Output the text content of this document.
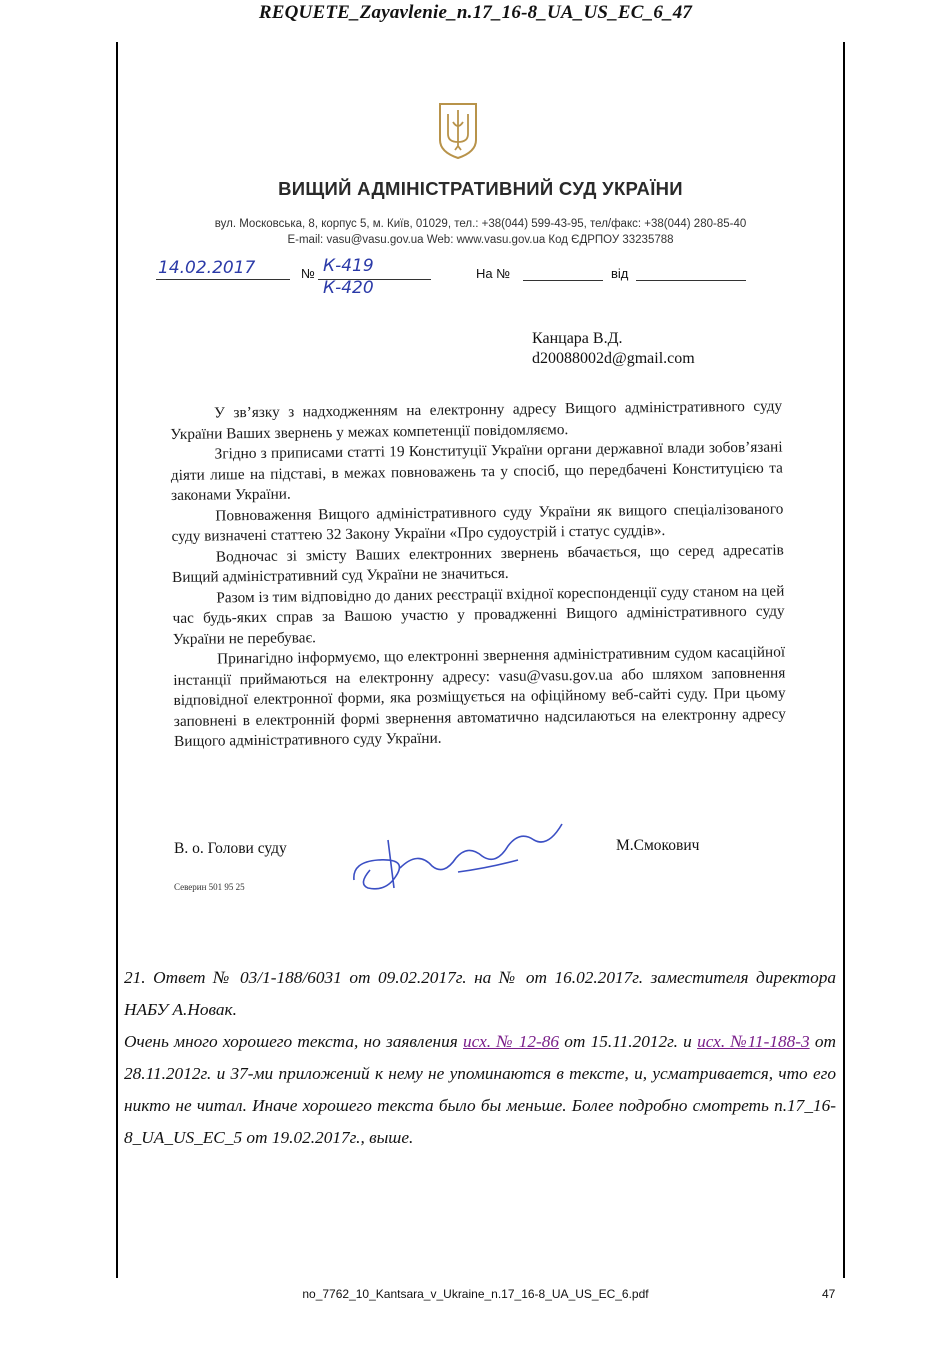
REQUETE_Zayavlenie_n.17_16-8_UA_US_EC_6_47
ВИЩИЙ АДМІНІСТРАТИВНИЙ СУД УКРАЇНИ
вул. Московська, 8, корпус 5, м. Київ, 01029, тел.: +38(044) 599-43-95, тел/факс: +38(044) 280-85-40
E-mail: vasu@vasu.gov.ua Web: www.vasu.gov.ua Код ЄДРПОУ 33235788
14.02.2017	№ К-419
К-420
На №	від
Канцара В.Д.
d20088002d@gmail.com

У зв’язку з надходженням на електронну адресу Вищого адміністративного суду України Ваших звернень у межах компетенції повідомляємо.

Згідно з приписами статті 19 Конституції України органи державної влади зобов’язані діяти лише на підставі, в межах повноважень та у спосіб, що передбачені Конституцією та законами України.

Повноваження Вищого адміністративного суду України як вищого спеціалізованого суду визначені статтею 32 Закону України «Про судоустрій і статус суддів».

Водночас зі змісту Ваших електронних звернень вбачається, що серед адресатів Вищий адміністративний суд України не значиться.

Разом із тим відповідно до даних реєстрації вхідної кореспонденції суду станом на цей час будь-яких справ за Вашою участю у провадженні Вищого адміністративного суду України не перебуває.

Принагідно інформуємо, що електронні звернення адміністративним судом касаційної інстанції приймаються на електронну адресу: vasu@vasu.gov.ua або шляхом заповнення відповідної електронної форми, яка розміщується на офіційному веб-сайті суду. При цьому заповнені в електронній формі звернення автоматично надсилаються на електронну адресу Вищого адміністративного суду України.

В. о. Голови суду	М.Смокович
Северин 501 95 25

21. Ответ № 03/1-188/6031 от 09.02.2017г. на № от 16.02.2017г. заместителя директора НАБУ А.Новак.

Очень много хорошего текста, но заявления исх. № 12-86 от 15.11.2012г. и исх. №11-188-3 от 28.11.2012г. и 37-ми приложений к нему не упоминаются в тексте, и, усматривается, что его никто не читал. Иначе хорошего текста было бы меньше. Более подробно смотреть п.17_16-8_UA_US_EC_5 от 19.02.2017г., выше.

no_7762_10_Kantsara_v_Ukraine_n.17_16-8_UA_US_EC_6.pdf	47
